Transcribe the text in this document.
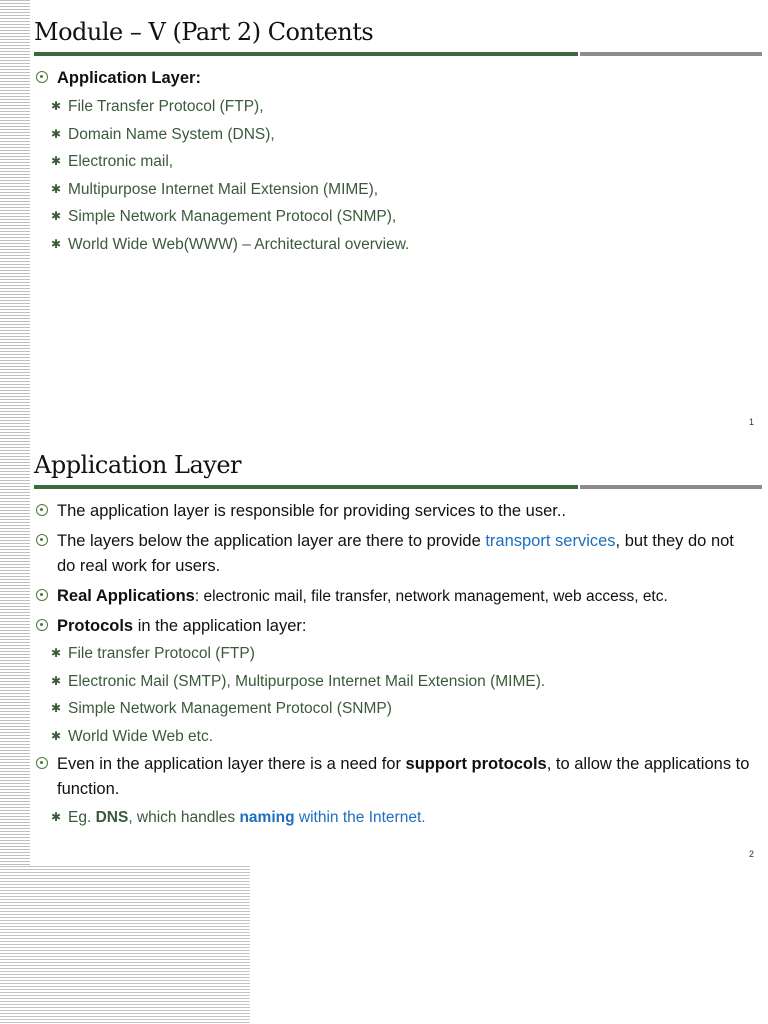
Module – V (Part 2) Contents
Application Layer:
✱ File Transfer Protocol (FTP),
✱ Domain Name System (DNS),
✱ Electronic mail,
✱ Multipurpose Internet Mail Extension (MIME),
✱ Simple Network Management Protocol (SNMP),
✱ World Wide Web(WWW) – Architectural overview.
1
Application Layer
The application layer is responsible for providing services to the user..
The layers below the application layer are there to provide transport services, but they do not do real work for users.
Real Applications: electronic mail, file transfer, network management, web access, etc.
Protocols in the application layer:
✱ File transfer Protocol (FTP)
✱ Electronic Mail (SMTP), Multipurpose Internet Mail Extension (MIME).
✱ Simple Network Management Protocol (SNMP)
✱ World Wide Web etc.
Even in the application layer there is a need for support protocols, to allow the applications to function.
✱ Eg. DNS, which handles naming within the Internet.
2
